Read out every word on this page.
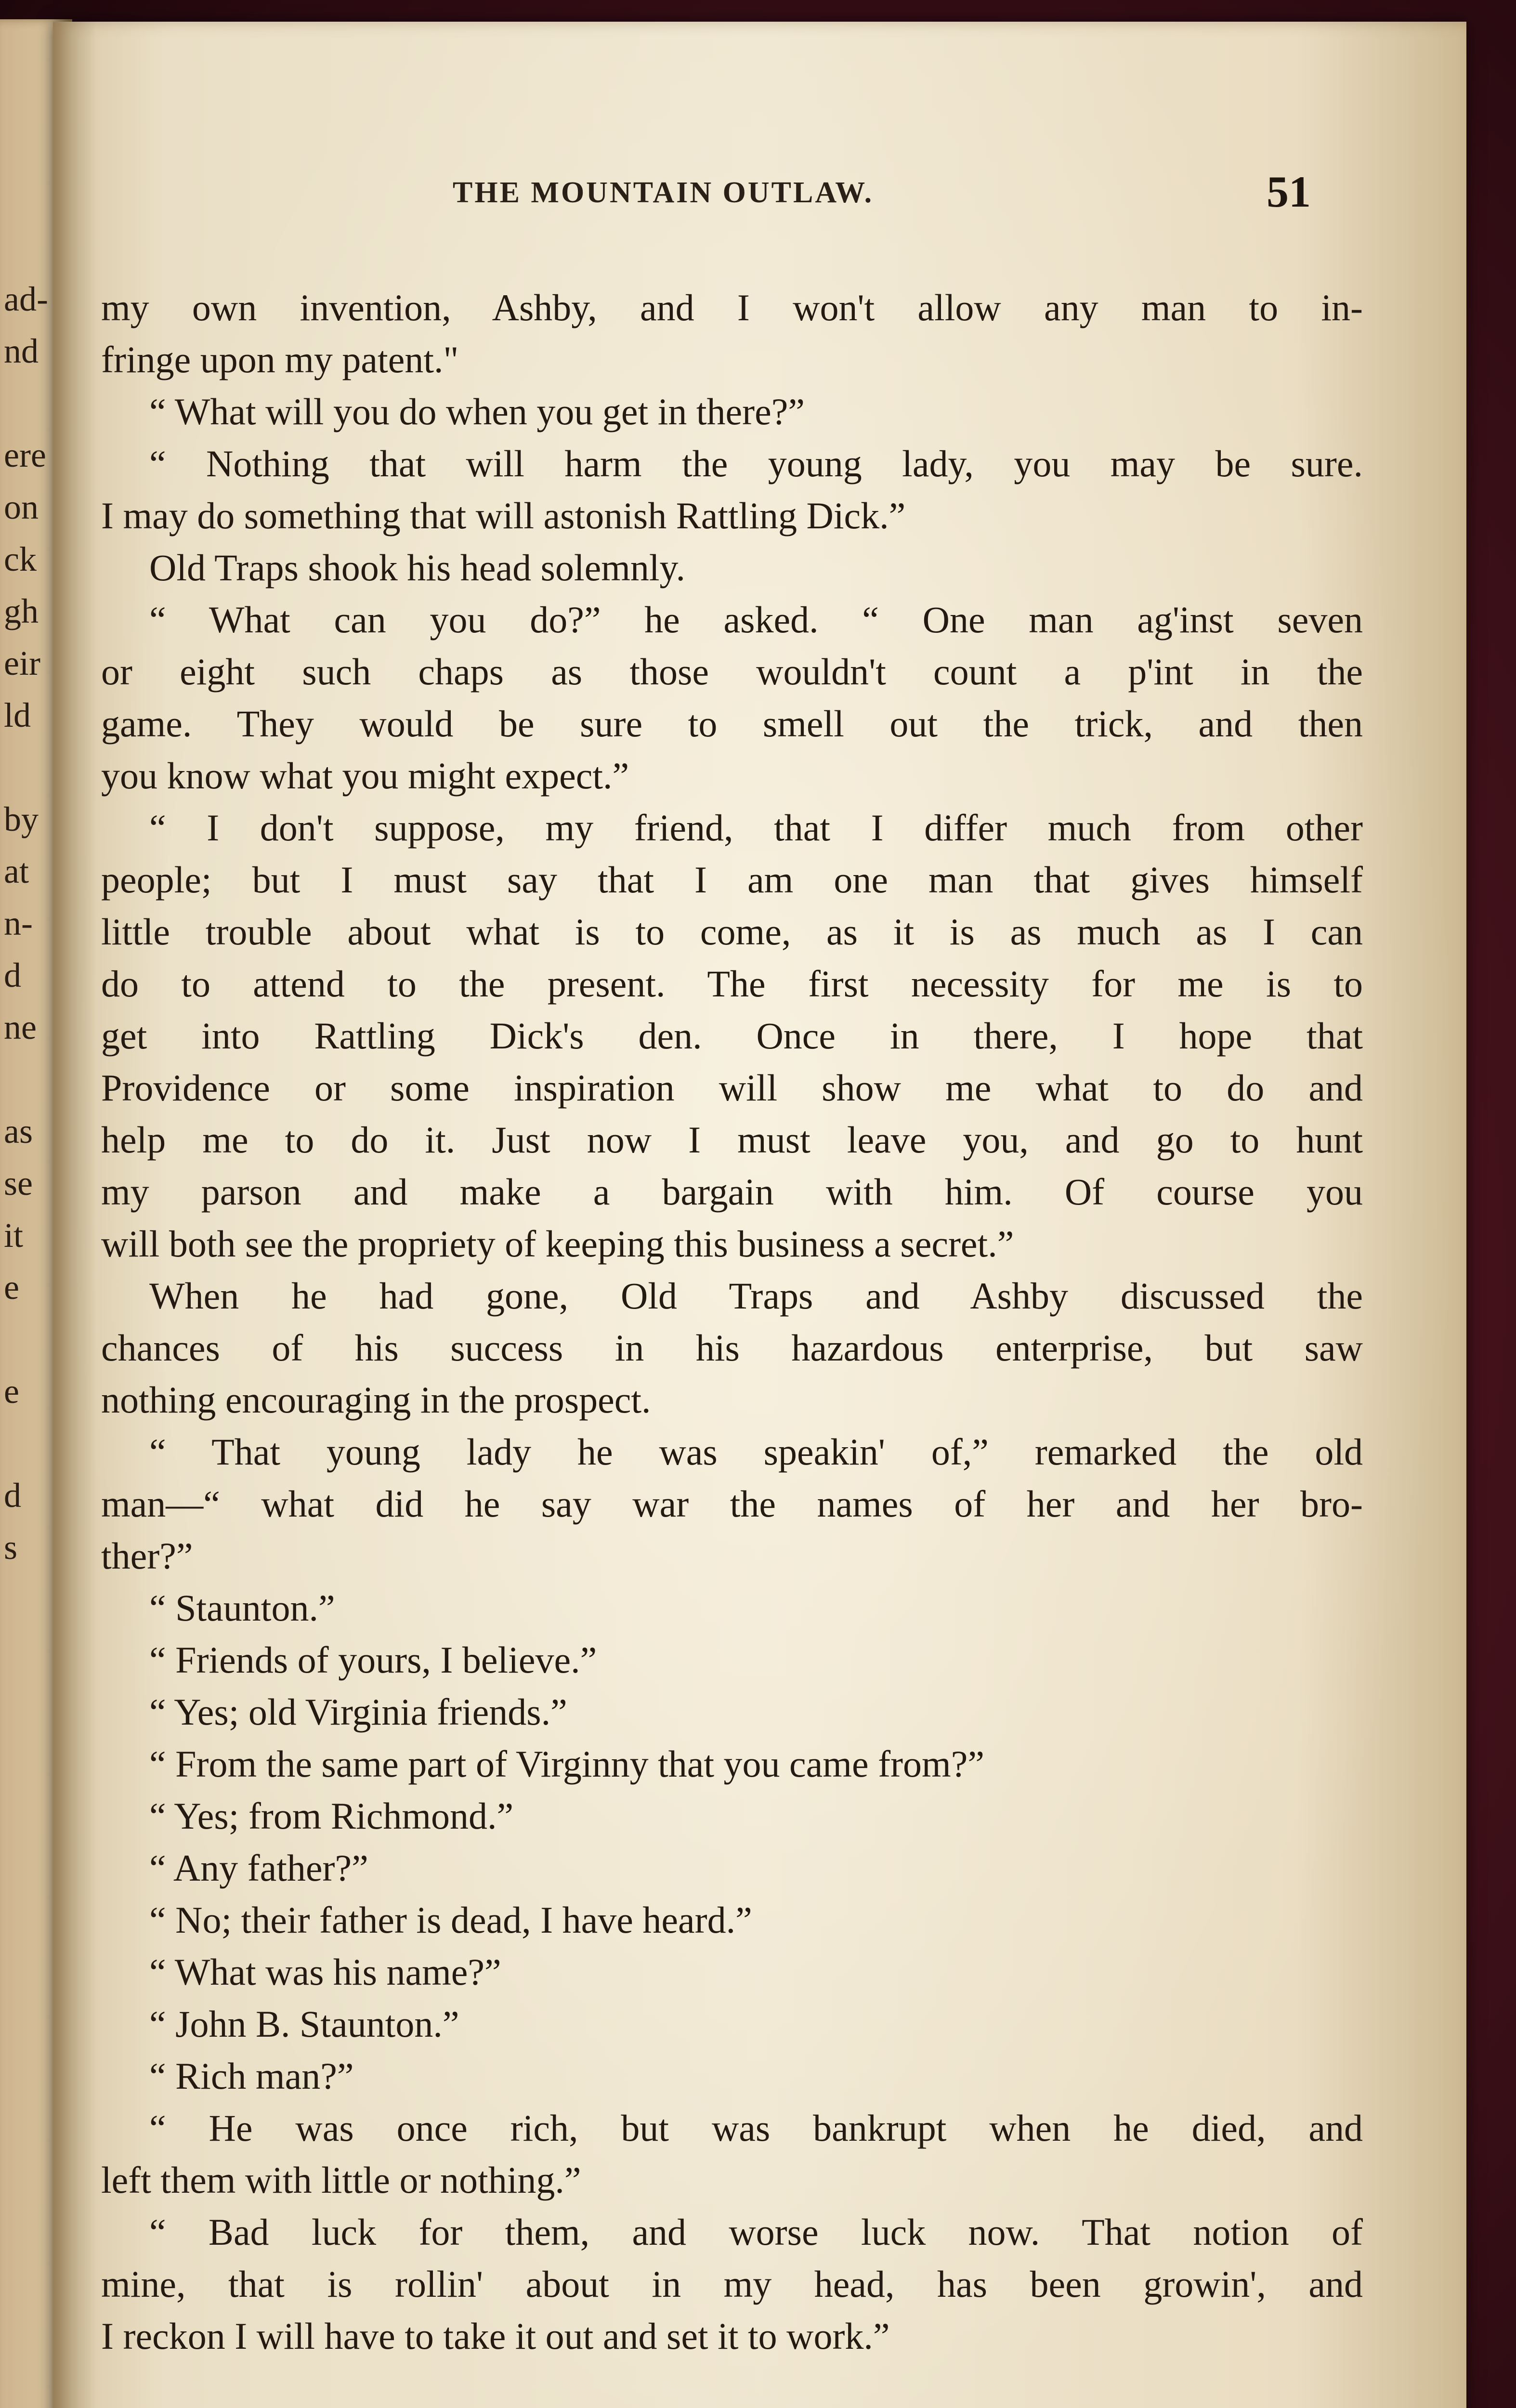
ad-
nd
ere
on
ck
gh
eir
ld
by
at
n-
d
ne
as
se
it
e
e
d
s
THE MOUNTAIN OUTLAW.	51
my own invention, Ashby, and I won't allow any man to in-
fringe upon my patent."
“ What will you do when you get in there?”
“ Nothing that will harm the young lady, you may be sure.
I may do something that will astonish Rattling Dick.”
Old Traps shook his head solemnly.
“ What can you do?” he asked. “ One man ag'inst seven
or eight such chaps as those wouldn't count a p'int in the
game. They would be sure to smell out the trick, and then
you know what you might expect.”
“ I don't suppose, my friend, that I differ much from other
people; but I must say that I am one man that gives himself
little trouble about what is to come, as it is as much as I can
do to attend to the present. The first necessity for me is to
get into Rattling Dick's den. Once in there, I hope that
Providence or some inspiration will show me what to do and
help me to do it. Just now I must leave you, and go to hunt
my parson and make a bargain with him. Of course you
will both see the propriety of keeping this business a secret.”
When he had gone, Old Traps and Ashby discussed the
chances of his success in his hazardous enterprise, but saw
nothing encouraging in the prospect.
“ That young lady he was speakin' of,” remarked the old
man—“ what did he say war the names of her and her bro-
ther?”
“ Staunton.”
“ Friends of yours, I believe.”
“ Yes; old Virginia friends.”
“ From the same part of Virginny that you came from?”
“ Yes; from Richmond.”
“ Any father?”
“ No; their father is dead, I have heard.”
“ What was his name?”
“ John B. Staunton.”
“ Rich man?”
“ He was once rich, but was bankrupt when he died, and
left them with little or nothing.”
“ Bad luck for them, and worse luck now. That notion of
mine, that is rollin' about in my head, has been growin', and
I reckon I will have to take it out and set it to work.”
